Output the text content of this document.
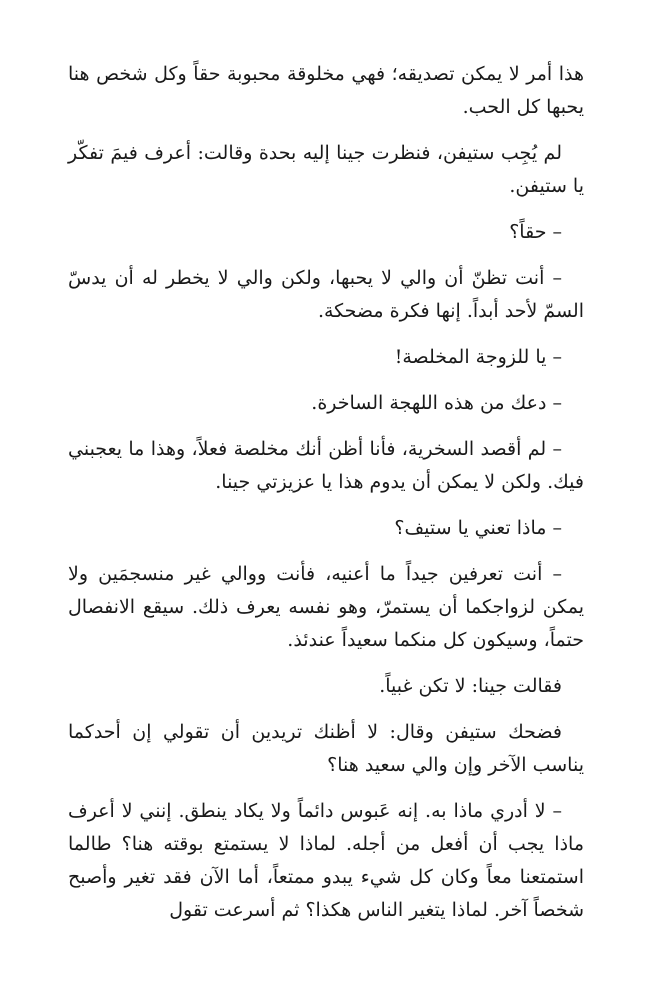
هذا أمر لا يمكن تصديقه؛ فهي مخلوقة محبوبة حقاً وكل شخص هنا يحبها كل الحب.

لم يُجِب ستيفن، فنظرت جينا إليه بحدة وقالت: أعرف فيمَ تفكّر يا ستيفن.

– حقاً؟

– أنت تظنّ أن والي لا يحبها، ولكن والي لا يخطر له أن يدسّ السمّ لأحد أبداً. إنها فكرة مضحكة.

– يا للزوجة المخلصة!

– دعك من هذه اللهجة الساخرة.

– لم أقصد السخرية، فأنا أظن أنك مخلصة فعلاً، وهذا ما يعجبني فيك. ولكن لا يمكن أن يدوم هذا يا عزيزتي جينا.

– ماذا تعني يا ستيف؟

– أنت تعرفين جيداً ما أعنيه، فأنت ووالي غير منسجمَين ولا يمكن لزواجكما أن يستمرّ، وهو نفسه يعرف ذلك. سيقع الانفصال حتماً، وسيكون كل منكما سعيداً عندئذ.

فقالت جينا: لا تكن غبياً.

فضحك ستيفن وقال: لا أظنك تريدين أن تقولي إن أحدكما يناسب الآخر وإن والي سعيد هنا؟

– لا أدري ماذا به. إنه عَبوس دائماً ولا يكاد ينطق. إنني لا أعرف ماذا يجب أن أفعل من أجله. لماذا لا يستمتع بوقته هنا؟ طالما استمتعنا معاً وكان كل شيء يبدو ممتعاً، أما الآن فقد تغير وأصبح شخصاً آخر. لماذا يتغير الناس هكذا؟ ثم أسرعت تقول
